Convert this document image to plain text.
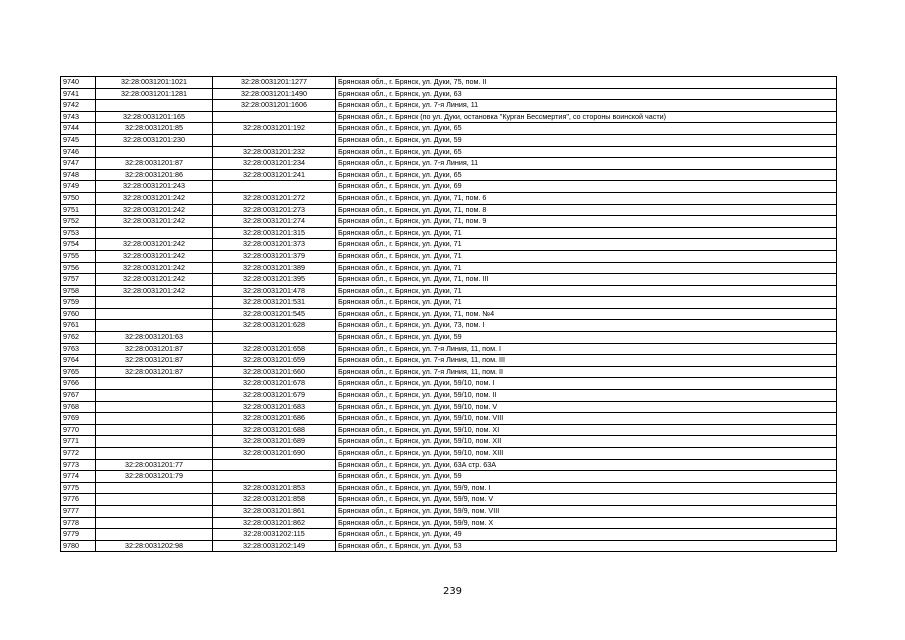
9740	32:28:0031201:1021	32:28:0031201:1277	Брянская обл., г. Брянск, ул. Дуки, 75, пом. II
9741	32:28:0031201:1281	32:28:0031201:1490	Брянская обл., г. Брянск, ул. Дуки, 63
9742		32:28:0031201:1606	Брянская обл., г. Брянск, ул. 7-я Линия, 11
9743	32:28:0031201:165		Брянская обл., г. Брянск (по ул. Дуки, остановка "Курган Бессмертия", со стороны воинской части)
9744	32:28:0031201:85	32:28:0031201:192	Брянская обл., г. Брянск, ул. Дуки, 65
9745	32:28:0031201:230		Брянская обл., г. Брянск, ул. Дуки, 59
9746		32:28:0031201:232	Брянская обл., г. Брянск, ул. Дуки, 65
9747	32:28:0031201:87	32:28:0031201:234	Брянская обл., г. Брянск, ул. 7-я Линия, 11
9748	32:28:0031201:86	32:28:0031201:241	Брянская обл., г. Брянск, ул. Дуки, 65
9749	32:28:0031201:243		Брянская обл., г. Брянск, ул. Дуки, 69
9750	32:28:0031201:242	32:28:0031201:272	Брянская обл., г. Брянск, ул. Дуки, 71, пом. 6
9751	32:28:0031201:242	32:28:0031201:273	Брянская обл., г. Брянск, ул. Дуки, 71, пом. 8
9752	32:28:0031201:242	32:28:0031201:274	Брянская обл., г. Брянск, ул. Дуки, 71, пом. 9
9753		32:28:0031201:315	Брянская обл., г. Брянск, ул. Дуки, 71
9754	32:28:0031201:242	32:28:0031201:373	Брянская обл., г. Брянск, ул. Дуки, 71
9755	32:28:0031201:242	32:28:0031201:379	Брянская обл., г. Брянск, ул. Дуки, 71
9756	32:28:0031201:242	32:28:0031201:389	Брянская обл., г. Брянск, ул. Дуки, 71
9757	32:28:0031201:242	32:28:0031201:395	Брянская обл., г. Брянск, ул. Дуки, 71, пом. III
9758	32:28:0031201:242	32:28:0031201:478	Брянская обл., г. Брянск, ул. Дуки, 71
9759		32:28:0031201:531	Брянская обл., г. Брянск, ул. Дуки, 71
9760		32:28:0031201:545	Брянская обл., г. Брянск, ул. Дуки, 71, пом. №4
9761		32:28:0031201:628	Брянская обл., г. Брянск, ул. Дуки, 73, пом. I
9762	32:28:0031201:63		Брянская обл., г. Брянск, ул. Дуки, 59
9763	32:28:0031201:87	32:28:0031201:658	Брянская обл., г. Брянск, ул. 7-я Линия, 11, пом. I
9764	32:28:0031201:87	32:28:0031201:659	Брянская обл., г. Брянск, ул. 7-я Линия, 11, пом. III
9765	32:28:0031201:87	32:28:0031201:660	Брянская обл., г. Брянск, ул. 7-я Линия, 11, пом. II
9766		32:28:0031201:678	Брянская обл., г. Брянск, ул. Дуки, 59/10, пом. I
9767		32:28:0031201:679	Брянская обл., г. Брянск, ул. Дуки, 59/10, пом. II
9768		32:28:0031201:683	Брянская обл., г. Брянск, ул. Дуки, 59/10, пом. V
9769		32:28:0031201:686	Брянская обл., г. Брянск, ул. Дуки, 59/10, пом. VIII
9770		32:28:0031201:688	Брянская обл., г. Брянск, ул. Дуки, 59/10, пом. XI
9771		32:28:0031201:689	Брянская обл., г. Брянск, ул. Дуки, 59/10, пом. XII
9772		32:28:0031201:690	Брянская обл., г. Брянск, ул. Дуки, 59/10, пом. XIII
9773	32:28:0031201:77		Брянская обл., г. Брянск, ул. Дуки, 63А стр. 63А
9774	32:28:0031201:79		Брянская обл., г. Брянск, ул. Дуки, 59
9775		32:28:0031201:853	Брянская обл., г. Брянск, ул. Дуки, 59/9, пом. I
9776		32:28:0031201:858	Брянская обл., г. Брянск, ул. Дуки, 59/9, пом. V
9777		32:28:0031201:861	Брянская обл., г. Брянск, ул. Дуки, 59/9, пом. VIII
9778		32:28:0031201:862	Брянская обл., г. Брянск, ул. Дуки, 59/9, пом. X
9779		32:28:0031202:115	Брянская обл., г. Брянск, ул. Дуки, 49
9780	32:28:0031202:98	32:28:0031202:149	Брянская обл., г. Брянск, ул. Дуки, 53
239
